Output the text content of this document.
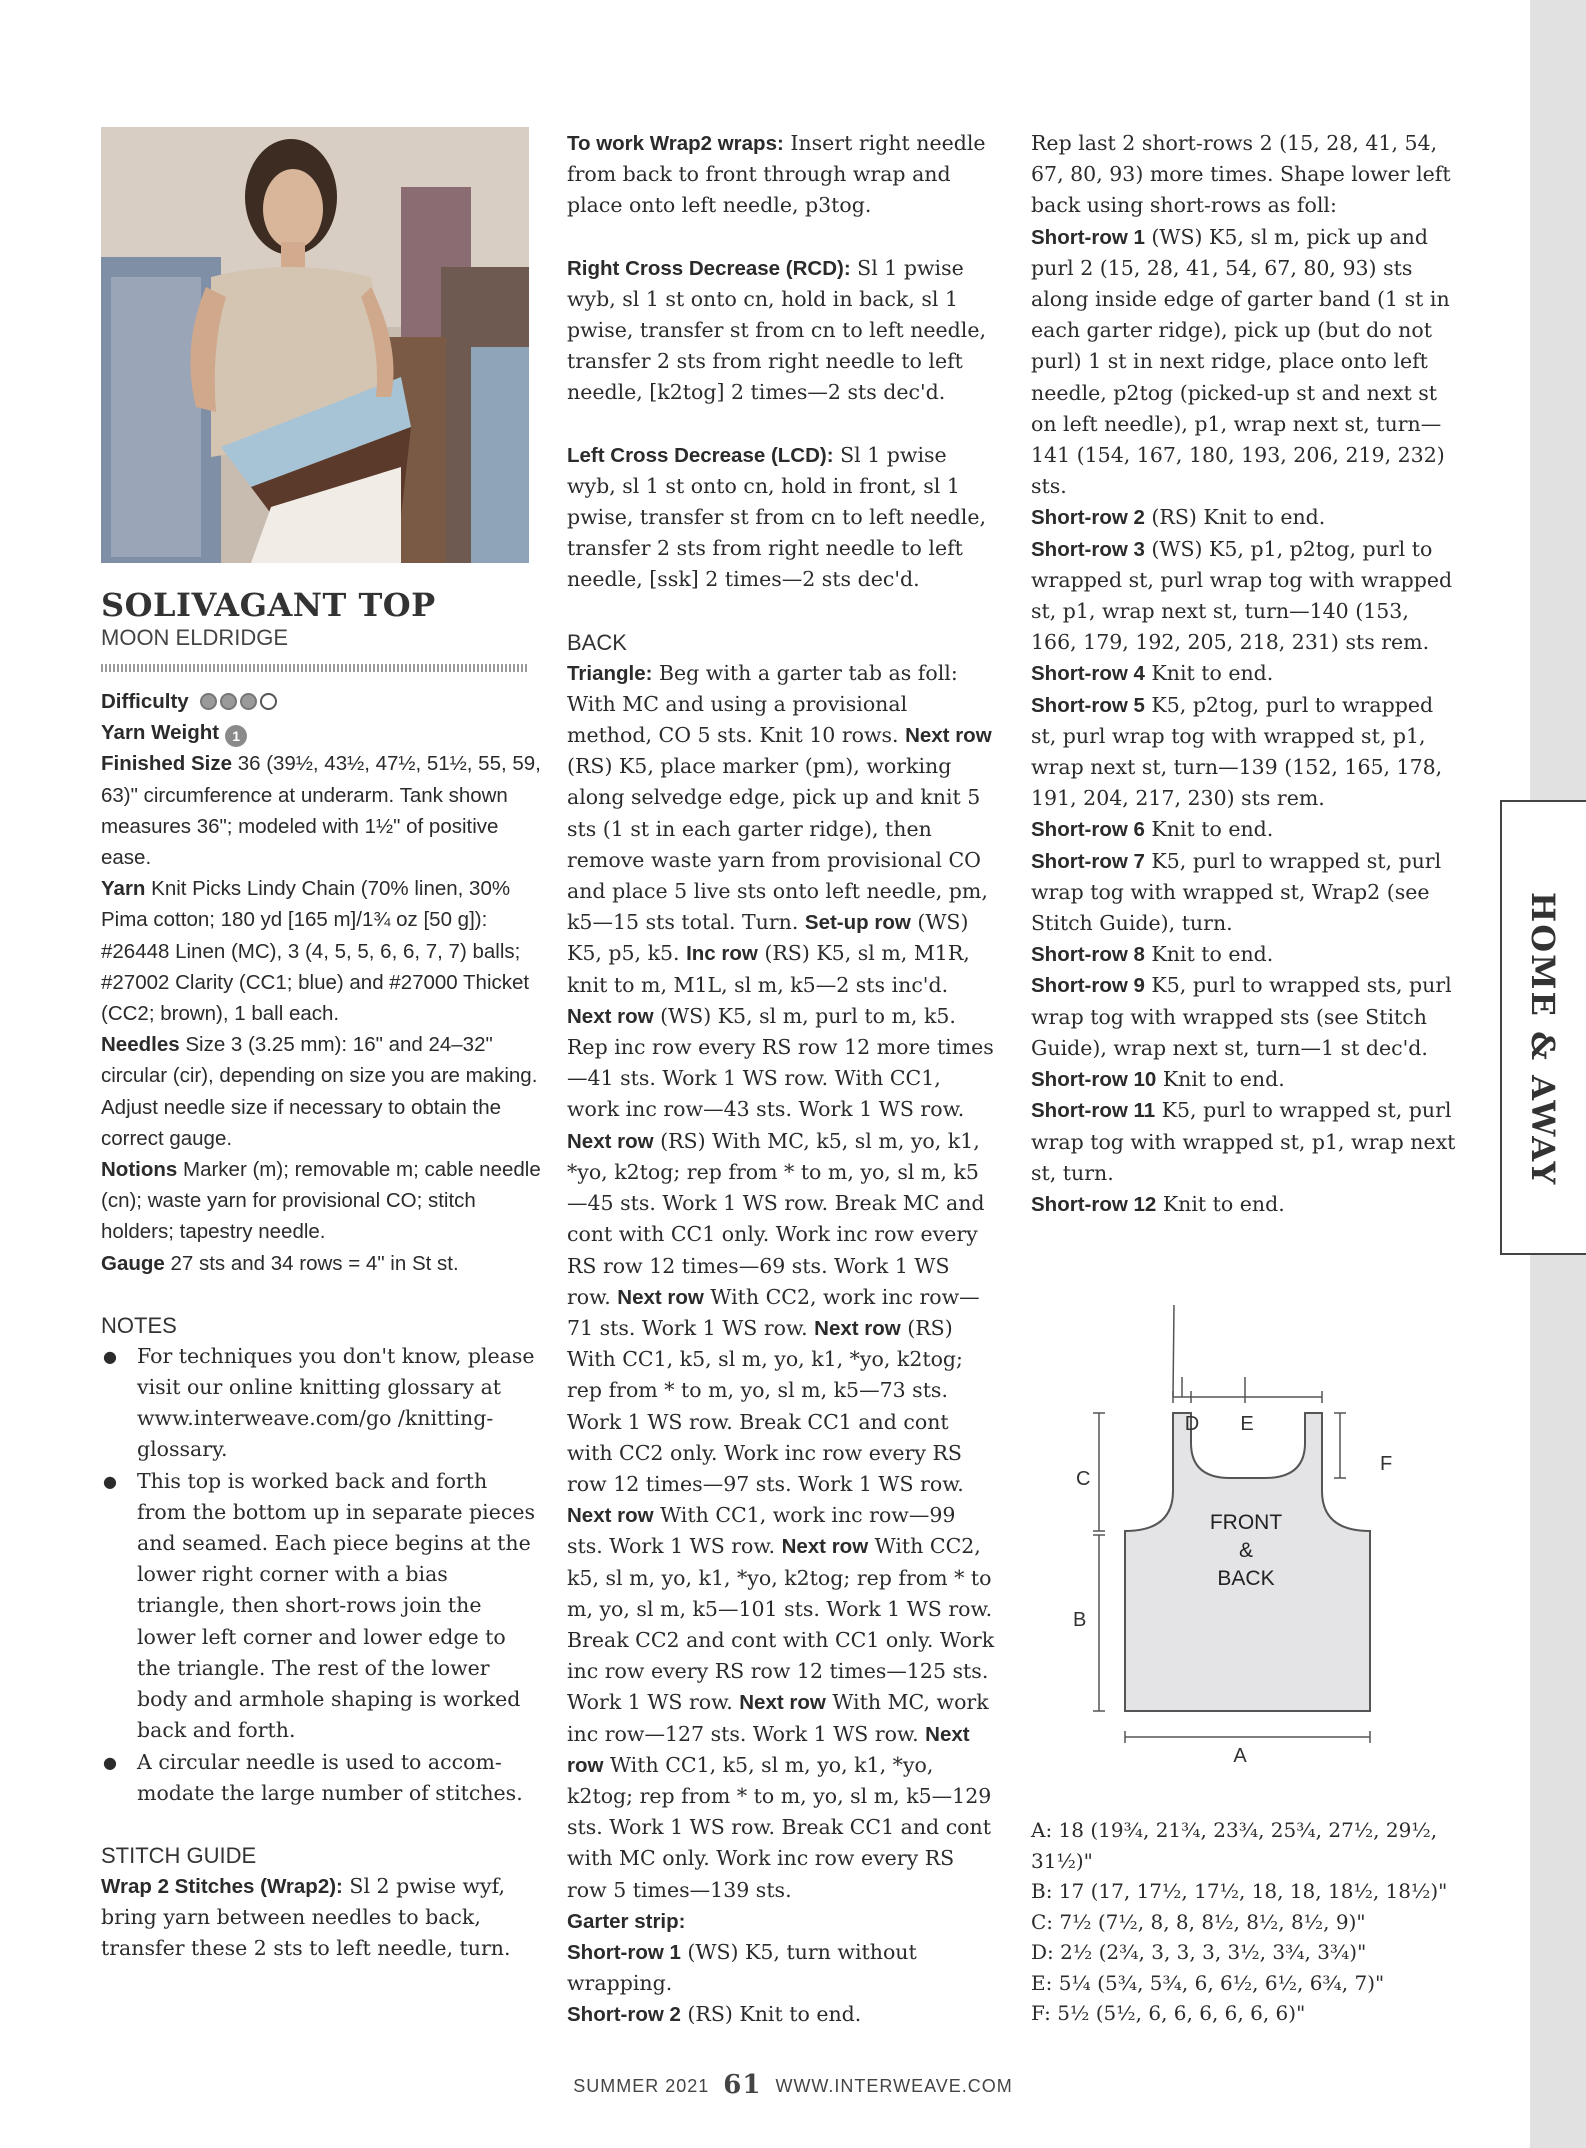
HOME & AWAY
SOLIVAGANT TOP
MOON ELDRIDGE
Difficulty
Yarn Weight 1
Finished Size 36 (39½, 43½, 47½, 51½, 55, 59, 63)" circumference at underarm. Tank shown measures 36"; modeled with 1½" of positive ease.
Yarn Knit Picks Lindy Chain (70% linen, 30% Pima cotton; 180 yd [165 m]/1¾ oz [50 g]): #26448 Linen (MC), 3 (4, 5, 5, 6, 6, 7, 7) balls; #27002 Clarity (CC1; blue) and #27000 Thicket (CC2; brown), 1 ball each.
Needles Size 3 (3.25 mm): 16" and 24–32" circular (cir), depending on size you are making. Adjust needle size if necessary to obtain the correct gauge.
Notions Marker (m); removable m; cable needle (cn); waste yarn for provisional CO; stitch holders; tapestry needle.
Gauge 27 sts and 34 rows = 4" in St st.
NOTES
● For techniques you don't know, please visit our online knitting glossary at www.interweave.com/go /knitting-glossary.
● This top is worked back and forth from the bottom up in separate pieces and seamed. Each piece begins at the lower right corner with a bias triangle, then short-rows join the lower left corner and lower edge to the triangle. The rest of the lower body and armhole shaping is worked back and forth.
● A circular needle is used to accom-modate the large number of stitches.
STITCH GUIDE

Wrap 2 Stitches (Wrap2): Sl 2 pwise wyf, bring yarn between needles to back, transfer these 2 sts to left needle, turn.

To work Wrap2 wraps: Insert right needle from back to front through wrap and place onto left needle, p3tog.

Right Cross Decrease (RCD): Sl 1 pwise wyb, sl 1 st onto cn, hold in back, sl 1 pwise, transfer st from cn to left needle, transfer 2 sts from right needle to left needle, [k2tog] 2 times—2 sts dec'd.

Left Cross Decrease (LCD): Sl 1 pwise wyb, sl 1 st onto cn, hold in front, sl 1 pwise, transfer st from cn to left needle, transfer 2 sts from right needle to left needle, [ssk] 2 times—2 sts dec'd.

BACK

Triangle: Beg with a garter tab as foll: With MC and using a provisional method, CO 5 sts. Knit 10 rows. Next row (RS) K5, place marker (pm), working along selvedge edge, pick up and knit 5 sts (1 st in each garter ridge), then remove waste yarn from provisional CO and place 5 live sts onto left needle, pm, k5—15 sts total. Turn. Set-up row (WS) K5, p5, k5. Inc row (RS) K5, sl m, M1R, knit to m, M1L, sl m, k5—2 sts inc'd. Next row (WS) K5, sl m, purl to m, k5. Rep inc row every RS row 12 more times—41 sts. Work 1 WS row. With CC1, work inc row—43 sts. Work 1 WS row. Next row (RS) With MC, k5, sl m, yo, k1, *yo, k2tog; rep from * to m, yo, sl m, k5—45 sts. Work 1 WS row. Break MC and cont with CC1 only. Work inc row every RS row 12 times—69 sts. Work 1 WS row. Next row With CC2, work inc row—71 sts. Work 1 WS row. Next row (RS) With CC1, k5, sl m, yo, k1, *yo, k2tog; rep from * to m, yo, sl m, k5—73 sts. Work 1 WS row. Break CC1 and cont with CC2 only. Work inc row every RS row 12 times—97 sts. Work 1 WS row. Next row With CC1, work inc row—99 sts. Work 1 WS row. Next row With CC2, k5, sl m, yo, k1, *yo, k2tog; rep from * to m, yo, sl m, k5—101 sts. Work 1 WS row. Break CC2 and cont with CC1 only. Work inc row every RS row 12 times—125 sts. Work 1 WS row. Next row With MC, work inc row—127 sts. Work 1 WS row. Next row With CC1, k5, sl m, yo, k1, *yo, k2tog; rep from * to m, yo, sl m, k5—129 sts. Work 1 WS row. Break CC1 and cont with MC only. Work inc row every RS row 5 times—139 sts.

Garter strip:

Short-row 1 (WS) K5, turn without wrapping.

Short-row 2 (RS) Knit to end.

Rep last 2 short-rows 2 (15, 28, 41, 54, 67, 80, 93) more times. Shape lower left back using short-rows as foll:

Short-row 1 (WS) K5, sl m, pick up and purl 2 (15, 28, 41, 54, 67, 80, 93) sts along inside edge of garter band (1 st in each garter ridge), pick up (but do not purl) 1 st in next ridge, place onto left needle, p2tog (picked-up st and next st on left needle), p1, wrap next st, turn—141 (154, 167, 180, 193, 206, 219, 232) sts.

Short-row 2 (RS) Knit to end.

Short-row 3 (WS) K5, p1, p2tog, purl to wrapped st, purl wrap tog with wrapped st, p1, wrap next st, turn—140 (153, 166, 179, 192, 205, 218, 231) sts rem.

Short-row 4 Knit to end.

Short-row 5 K5, p2tog, purl to wrapped st, purl wrap tog with wrapped st, p1, wrap next st, turn—139 (152, 165, 178, 191, 204, 217, 230) sts rem.

Short-row 6 Knit to end.

Short-row 7 K5, purl to wrapped st, purl wrap tog with wrapped st, Wrap2 (see Stitch Guide), turn.

Short-row 8 Knit to end.

Short-row 9 K5, purl to wrapped sts, purl wrap tog with wrapped sts (see Stitch Guide), wrap next st, turn—1 st dec'd.

Short-row 10 Knit to end.

Short-row 11 K5, purl to wrapped st, purl wrap tog with wrapped st, p1, wrap next st, turn.

Short-row 12 Knit to end.

D E
B
C
A
F
FRONT
&
BACK
A: 18 (19¾, 21¾, 23¾, 25¾, 27½, 29½, 31½)"
B: 17 (17, 17½, 17½, 18, 18, 18½, 18½)"
C: 7½ (7½, 8, 8, 8½, 8½, 8½, 9)"
D: 2½ (2¾, 3, 3, 3, 3½, 3¾, 3¾)"
E: 5¼ (5¾, 5¾, 6, 6½, 6½, 6¾, 7)"
F: 5½ (5½, 6, 6, 6, 6, 6, 6)"
SUMMER 2021 61 WWW.INTERWEAVE.COM
